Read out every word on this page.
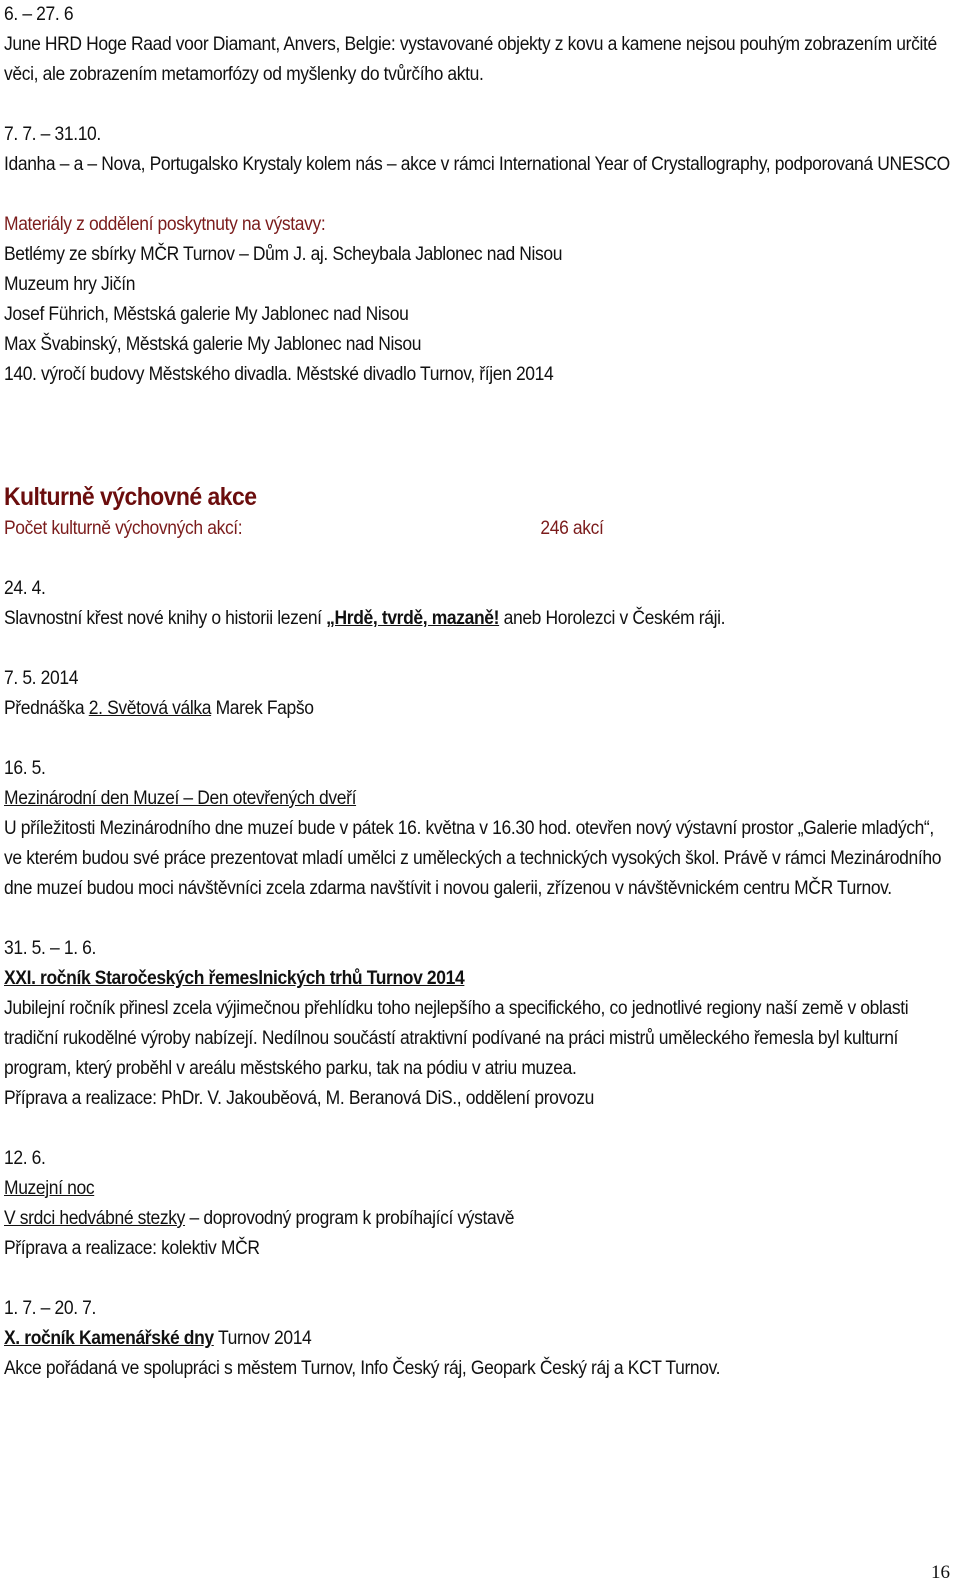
6. – 27. 6
June HRD Hoge Raad voor Diamant, Anvers, Belgie: vystavované objekty z kovu a kamene nejsou pouhým zobrazením určité věci, ale zobrazením metamorfózy od myšlenky do tvůrčího aktu.
7. 7. – 31.10.
Idanha – a – Nova, Portugalsko Krystaly kolem nás – akce v rámci International Year of Crystallography, podporovaná UNESCO
Materiály z oddělení poskytnuty na výstavy:
Betlémy ze sbírky MČR Turnov – Dům J. aj. Scheybala Jablonec nad Nisou
Muzeum hry Jičín
Josef Führich, Městská galerie My Jablonec nad Nisou
Max Švabinský, Městská galerie My Jablonec nad Nisou
140. výročí budovy Městského divadla. Městské divadlo Turnov, říjen 2014
Kulturně výchovné akce
Počet kulturně výchovných akcí:	246 akcí
24. 4.
Slavnostní křest nové knihy o historii lezení „Hrdě, tvrdě, mazaně! aneb Horolezci v Českém ráji.
7. 5. 2014
Přednáška 2. Světová válka Marek Fapšo
16. 5.
Mezinárodní den Muzeí – Den otevřených dveří
U příležitosti Mezinárodního dne muzeí bude v pátek 16. května v 16.30 hod. otevřen nový výstavní prostor „Galerie mladých“, ve kterém budou své práce prezentovat mladí umělci z uměleckých a technických vysokých škol. Právě v rámci Mezinárodního dne muzeí budou moci návštěvníci zcela zdarma navštívit i novou galerii, zřízenou v návštěvnickém centru MČR Turnov.
31. 5. – 1. 6.
XXI. ročník Staročeských řemeslnických trhů Turnov 2014
Jubilejní ročník přinesl zcela výjimečnou přehlídku toho nejlepšího a specifického, co jednotlivé regiony naší země v oblasti tradiční rukodělné výroby nabízejí. Nedílnou součástí atraktivní podívané na práci mistrů uměleckého řemesla byl kulturní program, který proběhl v areálu městského parku, tak na pódiu v atriu muzea.
Příprava a realizace: PhDr. V. Jakouběová, M. Beranová DiS., oddělení provozu
12. 6.
Muzejní noc
V srdci hedvábné stezky – doprovodný program k probíhající výstavě
Příprava a realizace: kolektiv MČR
1. 7. – 20. 7.
X. ročník Kamenářské dny Turnov 2014
Akce pořádaná ve spolupráci s městem Turnov, Info Český ráj, Geopark Český ráj a KCT Turnov.
16
